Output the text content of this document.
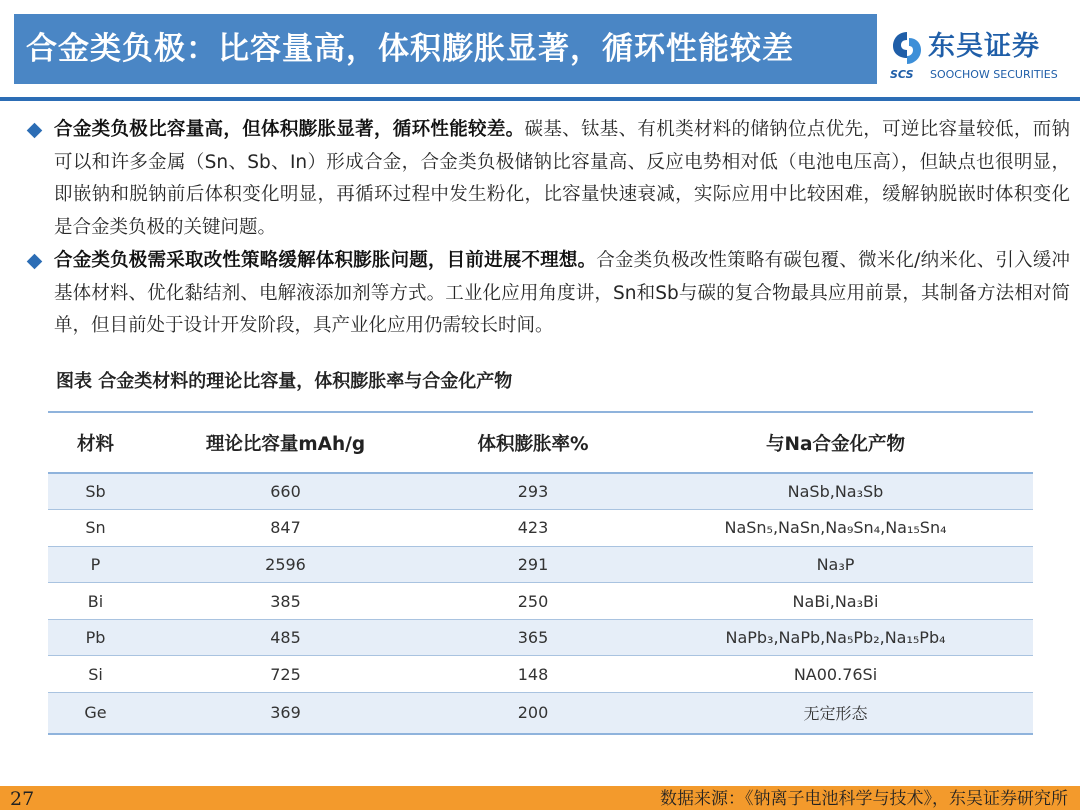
合金类负极：比容量高，体积膨胀显著，循环性能较差	东吴证券
SCS SOOCHOW SECURITIES

合金类负极比容量高，但体积膨胀显著，循环性能较差。碳基、钛基、有机类材料的储钠位点优先，可逆比容量较低，而钠可以和许多金属（Sn、Sb、In）形成合金，合金类负极储钠比容量高、反应电势相对低（电池电压高），但缺点也很明显，即嵌钠和脱钠前后体积变化明显，再循环过程中发生粉化，比容量快速衰减，实际应用中比较困难，缓解钠脱嵌时体积变化是合金类负极的关键问题。

合金类负极需采取改性策略缓解体积膨胀问题，目前进展不理想。合金类负极改性策略有碳包覆、微米化/纳米化、引入缓冲基体材料、优化黏结剂、电解液添加剂等方式。工业化应用角度讲，Sn和Sb与碳的复合物最具应用前景，其制备方法相对简单，但目前处于设计开发阶段，具产业化应用仍需较长时间。

图表 合金类材料的理论比容量，体积膨胀率与合金化产物
材料	理论比容量mAh/g	体积膨胀率%	与Na合金化产物
Sb	660	293	NaSb,Na₃Sb
Sn	847	423	NaSn₅,NaSn,Na₉Sn₄,Na₁₅Sn₄
P	2596	291	Na₃P
Bi	385	250	NaBi,Na₃Bi
Pb	485	365	NaPb₃,NaPb,Na₅Pb₂,Na₁₅Pb₄
Si	725	148	NA00.76Si
Ge	369	200	无定形态
27	数据来源：《钠离子电池科学与技术》，东吴证券研究所
